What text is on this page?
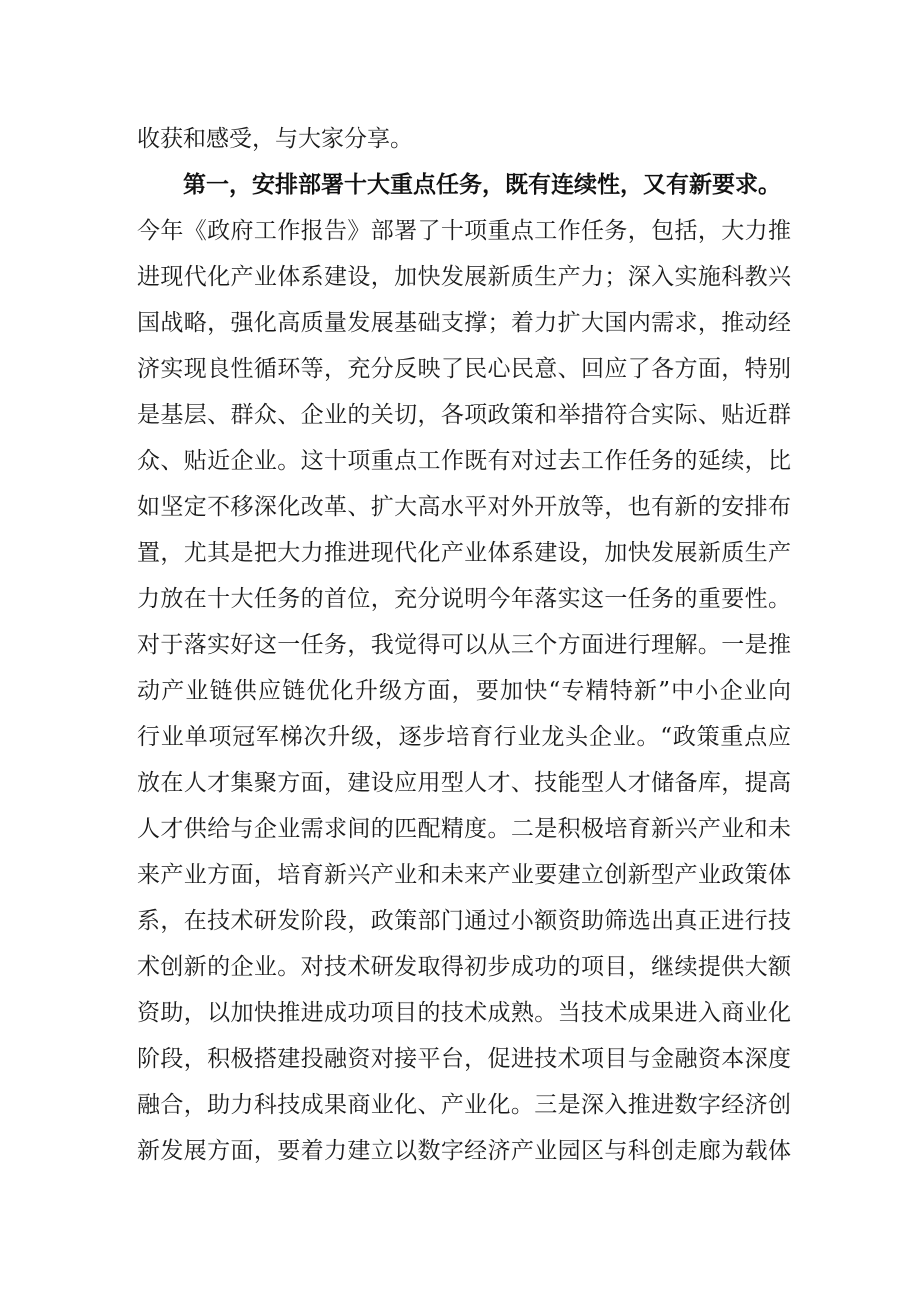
收获和感受，与大家分享。
第一，安排部署十大重点任务，既有连续性，又有新要求。
今年《政府工作报告》部署了十项重点工作任务，包括，大力推
进现代化产业体系建设，加快发展新质生产力；深入实施科教兴
国战略，强化高质量发展基础支撑；着力扩大国内需求，推动经
济实现良性循环等，充分反映了民心民意、回应了各方面，特别
是基层、群众、企业的关切，各项政策和举措符合实际、贴近群
众、贴近企业。这十项重点工作既有对过去工作任务的延续，比
如坚定不移深化改革、扩大高水平对外开放等，也有新的安排布
置，尤其是把大力推进现代化产业体系建设，加快发展新质生产
力放在十大任务的首位，充分说明今年落实这一任务的重要性。
对于落实好这一任务，我觉得可以从三个方面进行理解。一是推
动产业链供应链优化升级方面，要加快“专精特新”中小企业向
行业单项冠军梯次升级，逐步培育行业龙头企业。“政策重点应
放在人才集聚方面，建设应用型人才、技能型人才储备库，提高
人才供给与企业需求间的匹配精度。二是积极培育新兴产业和未
来产业方面，培育新兴产业和未来产业要建立创新型产业政策体
系，在技术研发阶段，政策部门通过小额资助筛选出真正进行技
术创新的企业。对技术研发取得初步成功的项目，继续提供大额
资助，以加快推进成功项目的技术成熟。当技术成果进入商业化
阶段，积极搭建投融资对接平台，促进技术项目与金融资本深度
融合，助力科技成果商业化、产业化。三是深入推进数字经济创
新发展方面，要着力建立以数字经济产业园区与科创走廊为载体
